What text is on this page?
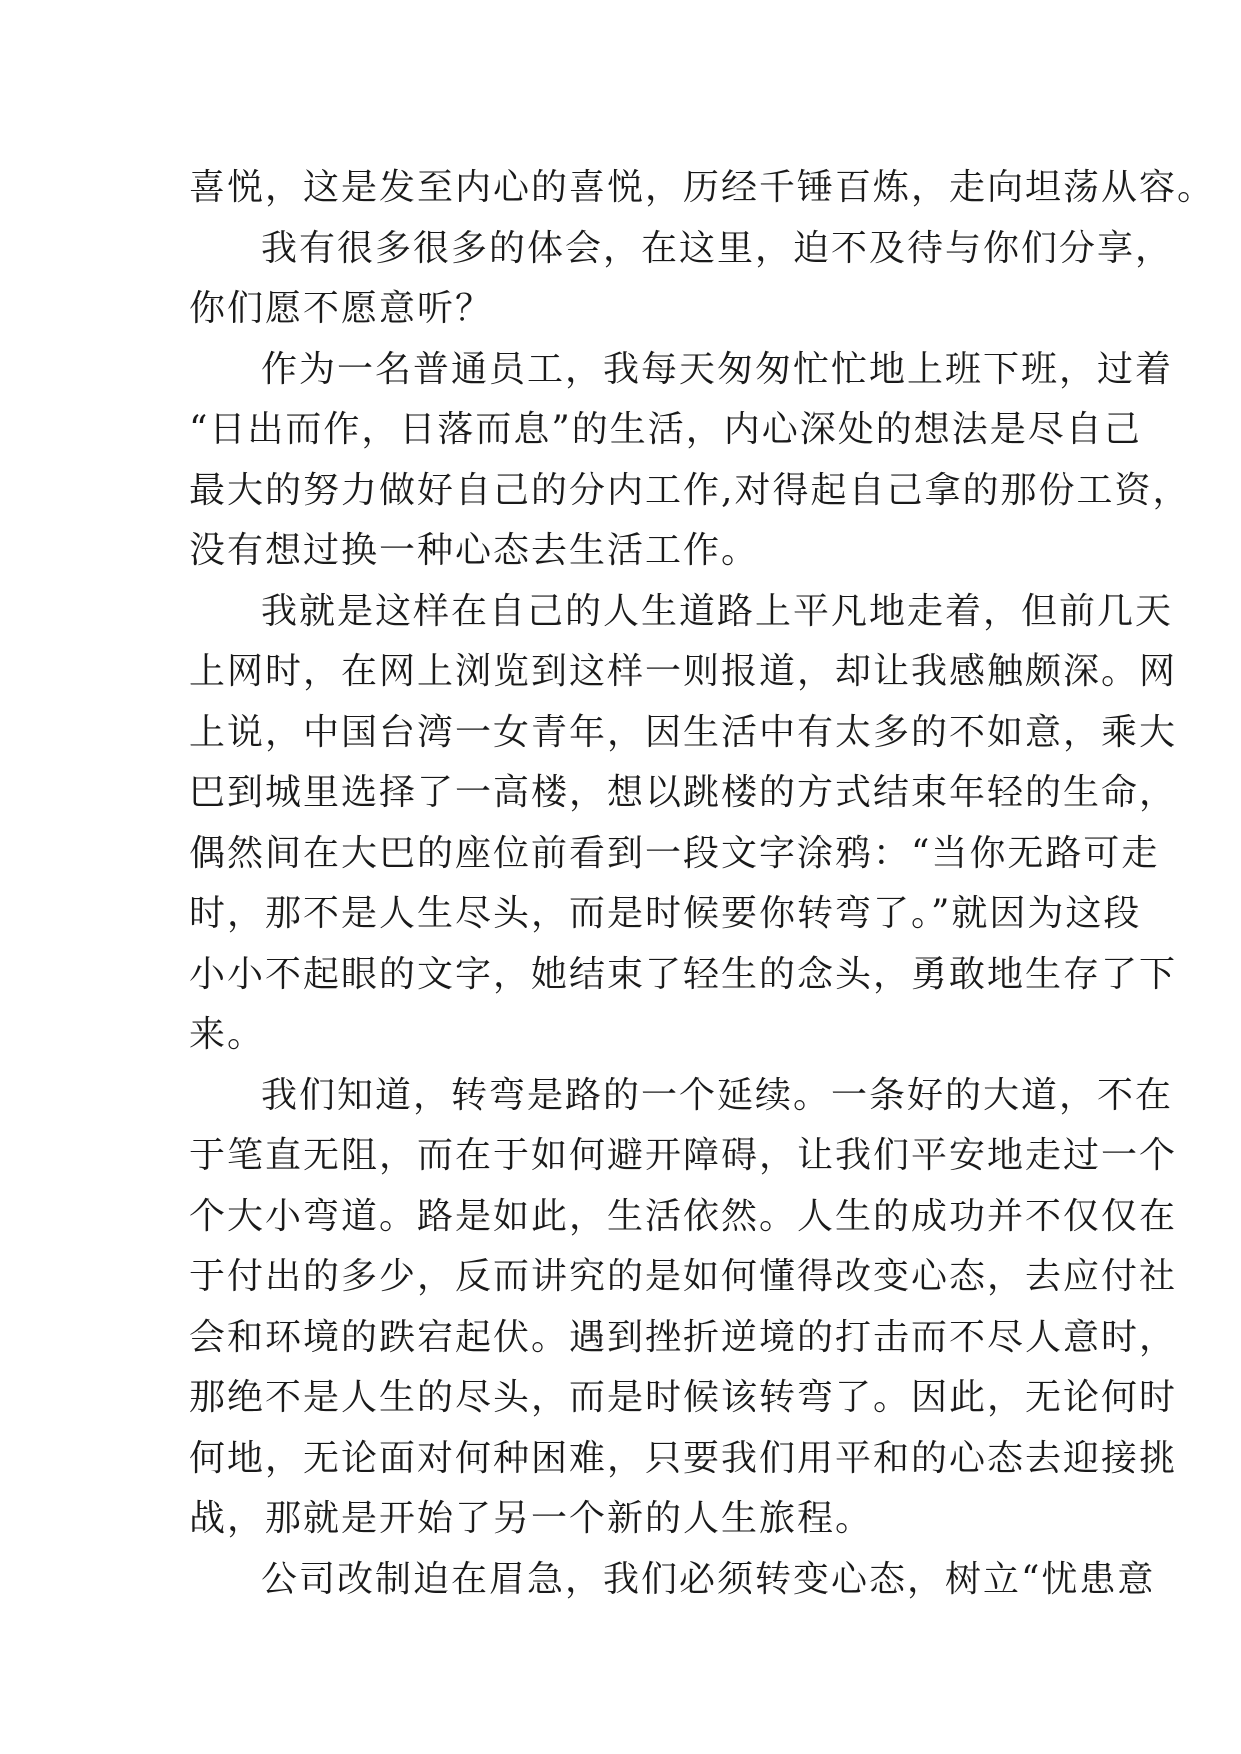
喜悦，这是发至内心的喜悦，历经千锤百炼，走向坦荡从容。
我有很多很多的体会，在这里，迫不及待与你们分享，
你们愿不愿意听？
作为一名普通员工，我每天匆匆忙忙地上班下班，过着
“日出而作，日落而息”的生活，内心深处的想法是尽自己
最大的努力做好自己的分内工作,对得起自己拿的那份工资，
没有想过换一种心态去生活工作。
我就是这样在自己的人生道路上平凡地走着，但前几天
上网时，在网上浏览到这样一则报道，却让我感触颇深。网
上说，中国台湾一女青年，因生活中有太多的不如意，乘大
巴到城里选择了一高楼，想以跳楼的方式结束年轻的生命，
偶然间在大巴的座位前看到一段文字涂鸦：“当你无路可走
时，那不是人生尽头，而是时候要你转弯了。”就因为这段
小小不起眼的文字，她结束了轻生的念头，勇敢地生存了下
来。
我们知道，转弯是路的一个延续。一条好的大道，不在
于笔直无阻，而在于如何避开障碍，让我们平安地走过一个
个大小弯道。路是如此，生活依然。人生的成功并不仅仅在
于付出的多少，反而讲究的是如何懂得改变心态，去应付社
会和环境的跌宕起伏。遇到挫折逆境的打击而不尽人意时，
那绝不是人生的尽头，而是时候该转弯了。因此，无论何时
何地，无论面对何种困难，只要我们用平和的心态去迎接挑
战，那就是开始了另一个新的人生旅程。
公司改制迫在眉急，我们必须转变心态，树立“忧患意
